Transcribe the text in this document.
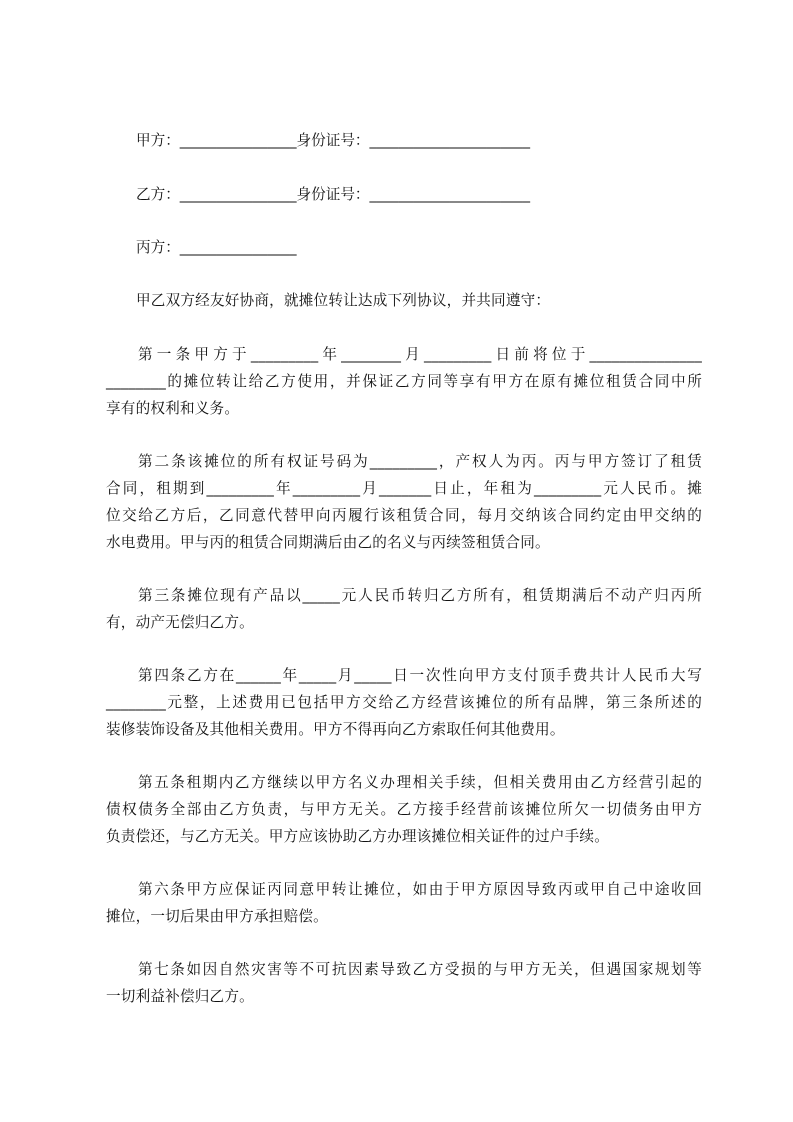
甲方：________________身份证号：______________________
乙方：________________身份证号：______________________
丙方：________________
甲乙双方经友好协商，就摊位转让达成下列协议，并共同遵守：
第一条甲方于_________年________月_________日前将位于_______________
________的摊位转让给乙方使用，并保证乙方同等享有甲方在原有摊位租赁合同中所
享有的权利和义务。
第二条该摊位的所有权证号码为_________，产权人为丙。丙与甲方签订了租赁
合同，租期到_________年_________月_______日止，年租为_________元人民币。摊
位交给乙方后，乙同意代替甲向丙履行该租赁合同，每月交纳该合同约定由甲交纳的
水电费用。甲与丙的租赁合同期满后由乙的名义与丙续签租赁合同。
第三条摊位现有产品以_____元人民币转归乙方所有，租赁期满后不动产归丙所
有，动产无偿归乙方。
第四条乙方在______年_____月_____日一次性向甲方支付顶手费共计人民币大写
________元整，上述费用已包括甲方交给乙方经营该摊位的所有品牌，第三条所述的
装修装饰设备及其他相关费用。甲方不得再向乙方索取任何其他费用。
第五条租期内乙方继续以甲方名义办理相关手续，但相关费用由乙方经营引起的
债权债务全部由乙方负责，与甲方无关。乙方接手经营前该摊位所欠一切债务由甲方
负责偿还，与乙方无关。甲方应该协助乙方办理该摊位相关证件的过户手续。
第六条甲方应保证丙同意甲转让摊位，如由于甲方原因导致丙或甲自己中途收回
摊位，一切后果由甲方承担赔偿。
第七条如因自然灾害等不可抗因素导致乙方受损的与甲方无关，但遇国家规划等
一切利益补偿归乙方。
